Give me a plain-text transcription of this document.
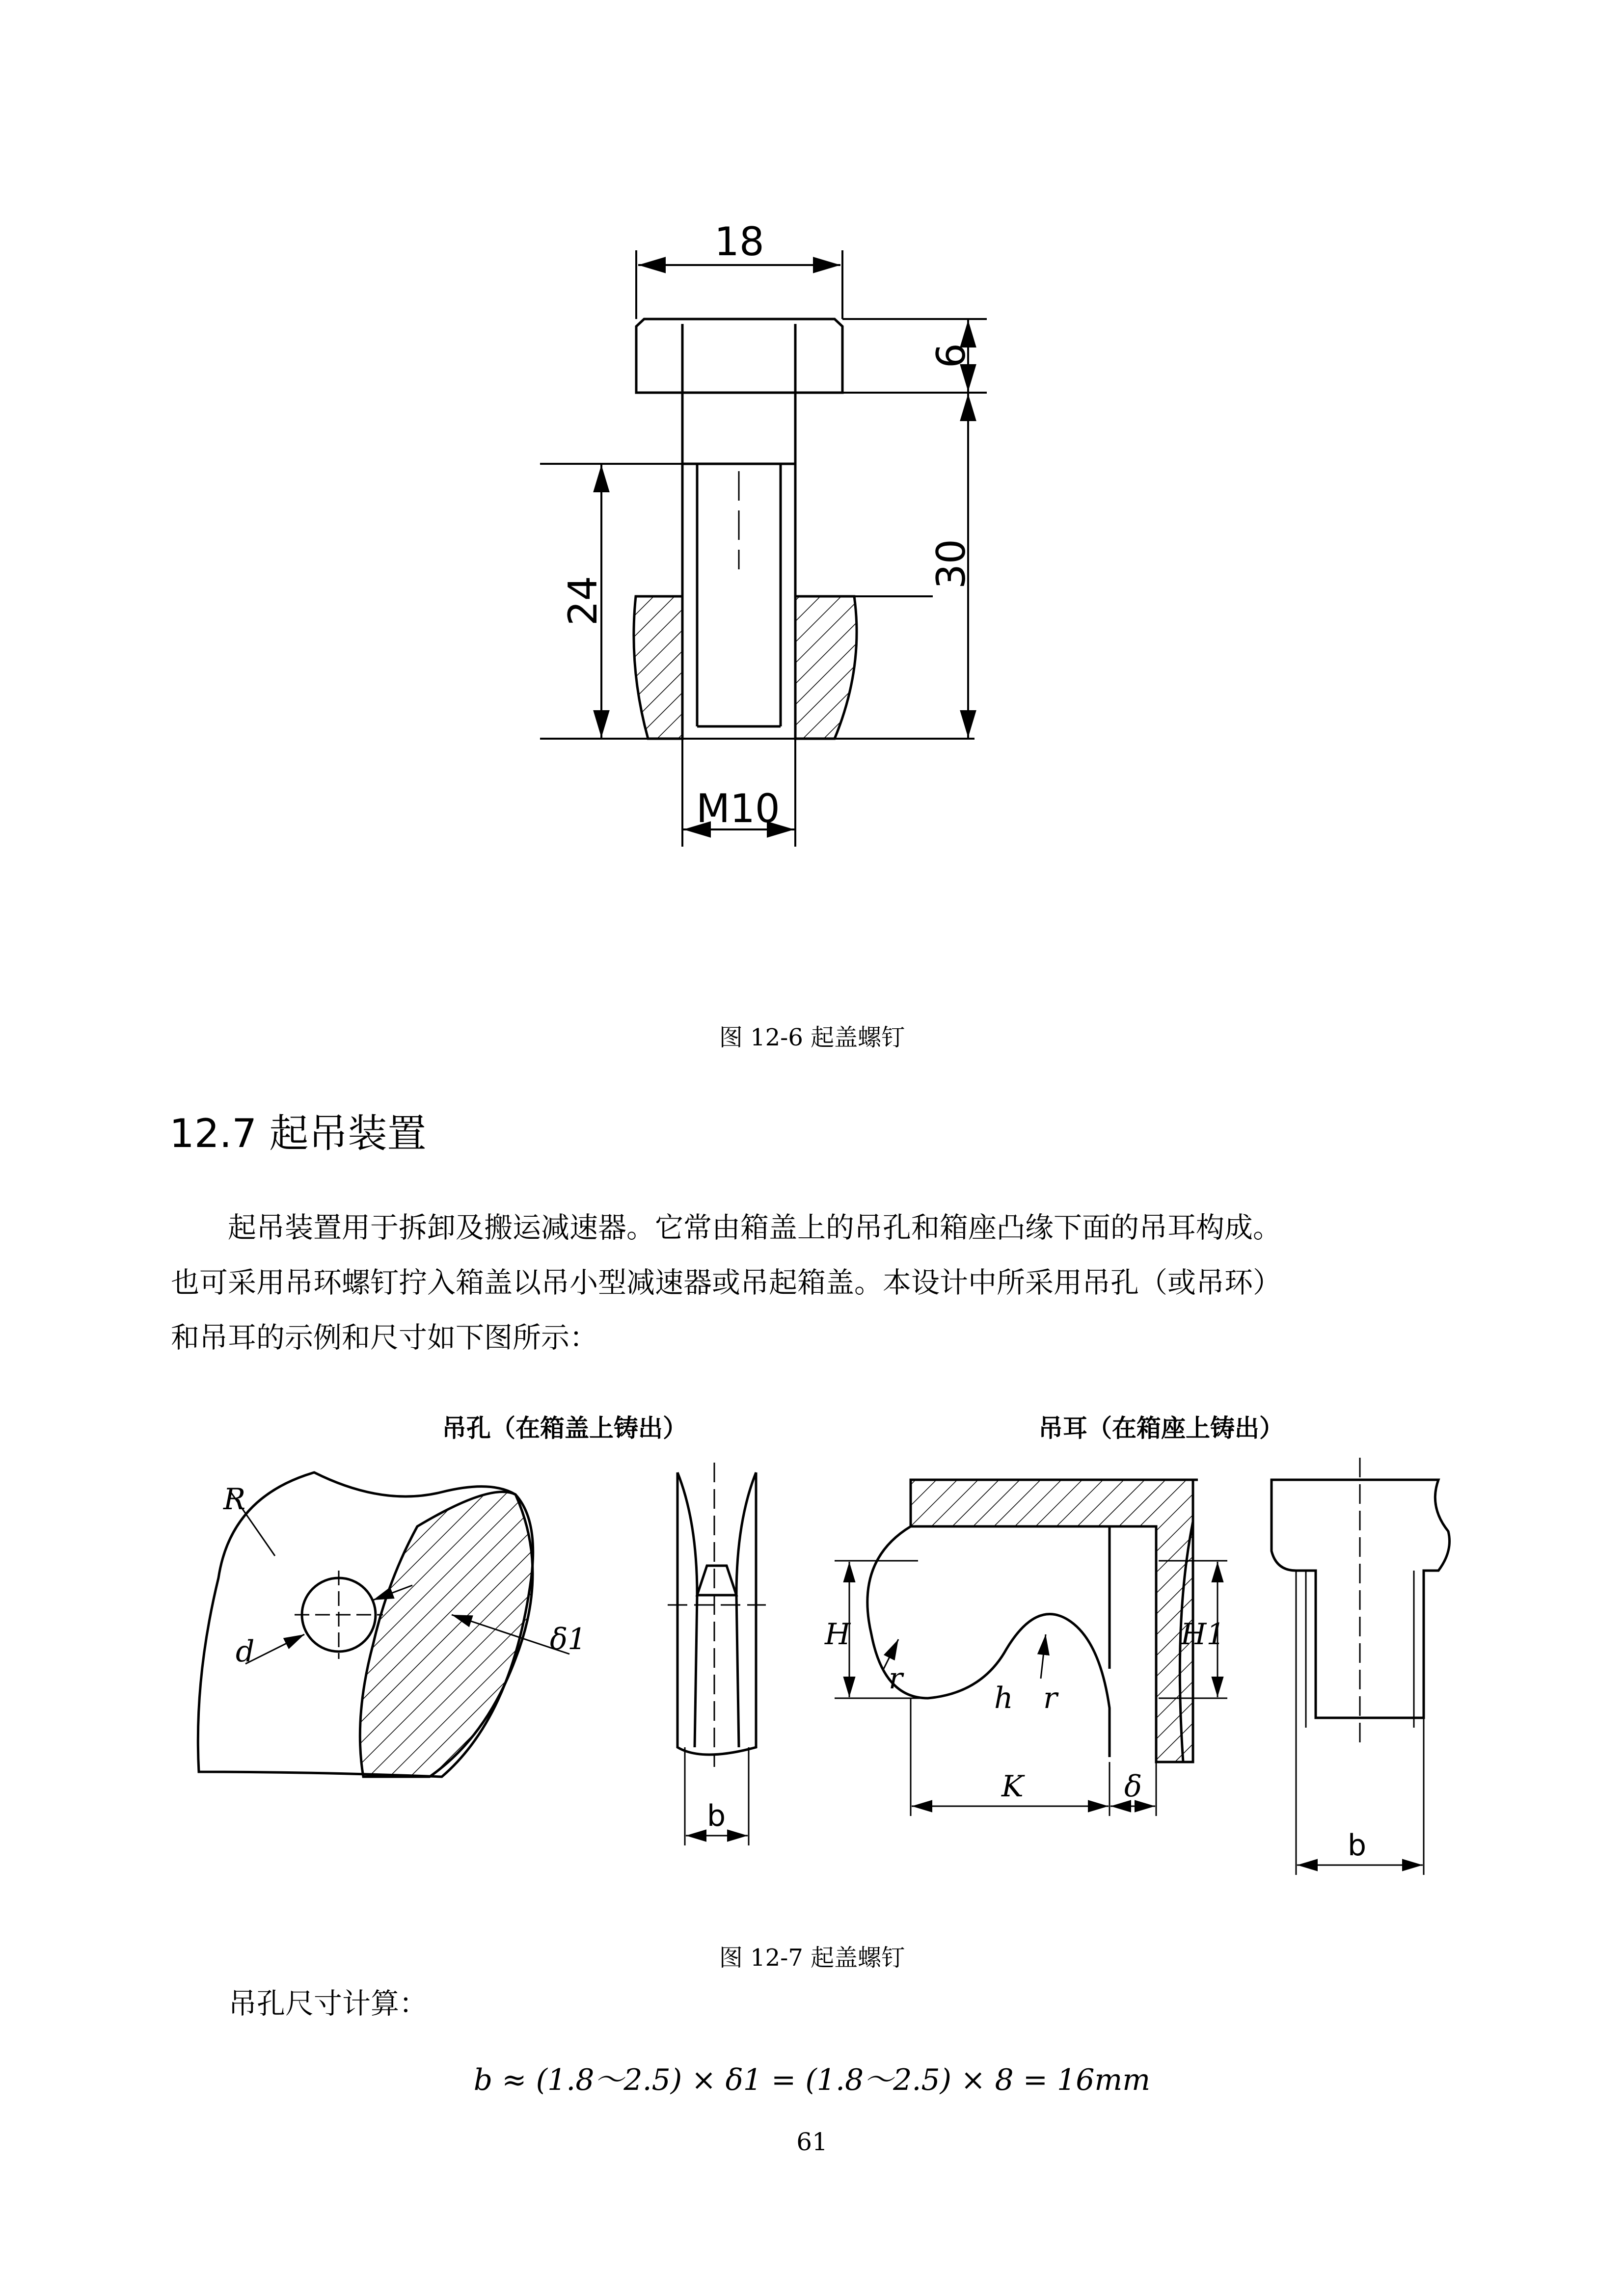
18
6
30
24
M10
图 12-6 起盖螺钉
12.7 起吊装置
起吊装置用于拆卸及搬运减速器。它常由箱盖上的吊孔和箱座凸缘下面的吊耳构成。
也可采用吊环螺钉拧入箱盖以吊小型减速器或吊起箱盖。本设计中所采用吊孔（或吊环）
和吊耳的示例和尺寸如下图所示：
吊孔（在箱盖上铸出）	吊耳（在箱座上铸出）
R
d	δ1
b
H	H1
r
h r
K	δ
b
图 12-7 起盖螺钉
吊孔尺寸计算：
b ≈ (1.8～2.5) × δ1 = (1.8～2.5) × 8 = 16mm
61
